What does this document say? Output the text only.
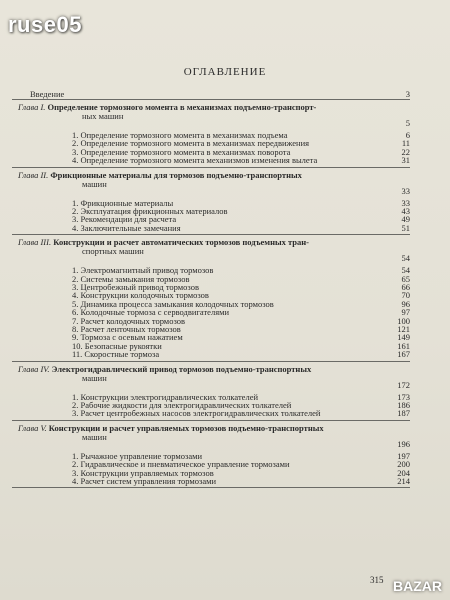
ruse05
ОГЛАВЛЕНИЕ
Введение	3
Глава I. Определение тормозного момента в механизмах подъемно-транспорт-
ных машин
5
1. Определение тормозного момента в механизмах подъема	6
2. Определение тормозного момента в механизмах передвижения	11
3. Определение тормозного момента в механизмах поворота	22
4. Определение тормозного момента механизмов изменения вылета	31
Глава II. Фрикционные материалы для тормозов подъемно-транспортных
машин
33
1. Фрикционные материалы	33
2. Эксплуатация фрикционных материалов	43
3. Рекомендации для расчета	49
4. Заключительные замечания	51
Глава III. Конструкции и расчет автоматических тормозов подъемных тран-
спортных машин
54
1. Электромагнитный привод тормозов	54
2. Системы замыкания тормозов	65
3. Центробежный привод тормозов	66
4. Конструкции колодочных тормозов	70
5. Динамика процесса замыкания колодочных тормозов	96
6. Колодочные тормоза с серводвигателями	97
7. Расчет колодочных тормозов	100
8. Расчет ленточных тормозов	121
9. Тормоза с осевым нажатием	149
10. Безопасные рукоятки	161
11. Скоростные тормоза	167
Глава IV. Электрогидравлический привод тормозов подъемно-транспортных
машин
172
1. Конструкции электрогидравлических толкателей	173
2. Рабочие жидкости для электрогидравлических толкателей	186
3. Расчет центробежных насосов электрогидравлических толкателей	187
Глава V. Конструкции и расчет управляемых тормозов подъемно-транспортных
машин
196
1. Рычажное управление тормозами	197
2. Гидравлическое и пневматическое управление тормозами	200
3. Конструкции управляемых тормозов	204
4. Расчет систем управления тормозами	214
315 BAZAR
